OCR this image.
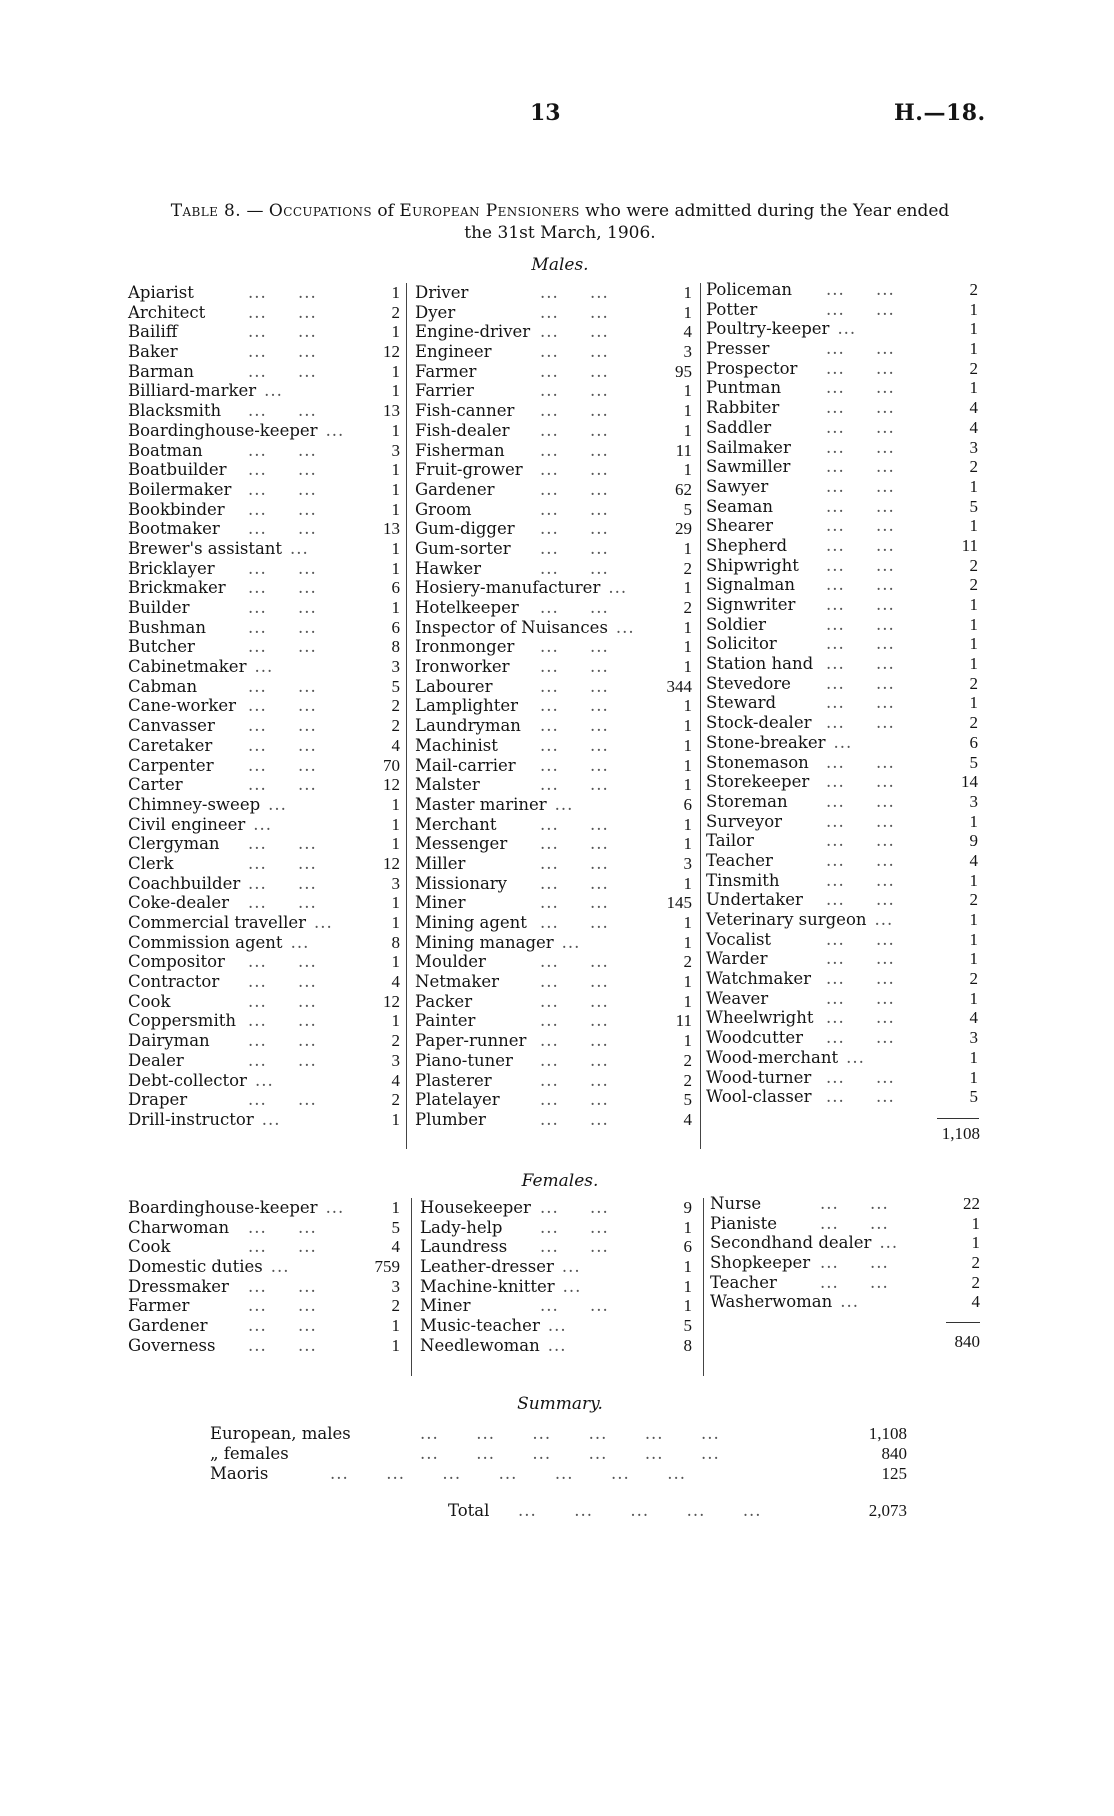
13	H.—18.
Table 8. — Occupations of European Pensioners who were admitted during the Year ended
the 31st March, 1906.
Males.
Apiarist	...     ...	1
Architect	...     ...	2
Bailiff	...     ...	1
Baker	...     ...	12
Barman	...     ...	1
Billiard-marker ...	1
Blacksmith ...     ...	13
Boardinghouse-keeper ...	1
Boatman	...     ...	3
Boatbuilder ...     ...	1
Boilermaker ...     ...	1
Bookbinder ...     ...	1
Bootmaker ...     ...	13
Brewer's assistant ...	1
Bricklayer ...     ...	1
Brickmaker ...     ...	6
Builder	...     ...	1
Bushman	...     ...	6
Butcher	...     ...	8
Cabinetmaker ...	3
Cabman	...     ...	5
Cane-worker ...     ...	2
Canvasser ...     ...	2
Caretaker ...     ...	4
Carpenter ...     ...	70
Carter	...     ...	12
Chimney-sweep ...	1
Civil engineer ...	1
Clergyman ...     ...	1
Clerk	...     ...	12
Coachbuilder ...     ...	3
Coke-dealer ...     ...	1
Commercial traveller ...	1
Commission agent ...	8
Compositor ...     ...	1
Contractor ...     ...	4
Cook	...     ...	12
Coppersmith ...     ...	1
Dairyman ...     ...	2
Dealer	...     ...	3
Debt-collector ...	4
Draper	...     ...	2
Drill-instructor ...	1
Driver	...     ...	1
Dyer	...     ...	1
Engine-driver ...     ...	4
Engineer	...     ...	3
Farmer	...     ...	95
Farrier	...     ...	1
Fish-canner ...     ...	1
Fish-dealer ...     ...	1
Fisherman ...     ...	11
Fruit-grower ...     ...	1
Gardener	...     ...	62
Groom	...     ...	5
Gum-digger ...     ...	29
Gum-sorter ...     ...	1
Hawker	...     ...	2
Hosiery-manufacturer ...	1
Hotelkeeper ...     ...	2
Inspector of Nuisances ...	1
Ironmonger ...     ...	1
Ironworker ...     ...	1
Labourer	...     ...	344
Lamplighter ...     ...	1
Laundryman ...     ...	1
Machinist	...     ...	1
Mail-carrier ...     ...	1
Malster	...     ...	1
Master mariner ...	6
Merchant	...     ...	1
Messenger ...     ...	1
Miller	...     ...	3
Missionary ...     ...	1
Miner	...     ...	145
Mining agent ...     ...	1
Mining manager ...	1
Moulder	...     ...	2
Netmaker ...     ...	1
Packer	...     ...	1
Painter	...     ...	11
Paper-runner ...     ...	1
Piano-tuner ...     ...	2
Plasterer	...     ...	2
Platelayer ...     ...	5
Plumber	...     ...	4
Policeman ...     ...	2
Potter	...     ...	1
Poultry-keeper ...	1
Presser	...     ...	1
Prospector ...     ...	2
Puntman	...     ...	1
Rabbiter	...     ...	4
Saddler	...     ...	4
Sailmaker ...     ...	3
Sawmiller ...     ...	2
Sawyer	...     ...	1
Seaman	...     ...	5
Shearer	...     ...	1
Shepherd ...     ...	11
Shipwright ...     ...	2
Signalman ...     ...	2
Signwriter ...     ...	1
Soldier	...     ...	1
Solicitor	...     ...	1
Station hand ...     ...	1
Stevedore ...     ...	2
Steward	...     ...	1
Stock-dealer ...     ...	2
Stone-breaker ...	6
Stonemason ...     ...	5
Storekeeper ...     ...	14
Storeman ...     ...	3
Surveyor	...     ...	1
Tailor	...     ...	9
Teacher	...     ...	4
Tinsmith	...     ...	1
Undertaker ...     ...	2
Veterinary surgeon ...	1
Vocalist	...     ...	1
Warder	...     ...	1
Watchmaker ...     ...	2
Weaver	...     ...	1
Wheelwright ...     ...	4
Woodcutter ...     ...	3
Wood-merchant ...	1
Wood-turner ...     ...	1
Wool-classer ...     ...	5
1,108
Females.
Boardinghouse-keeper ...	1
Charwoman ...     ...	5
Cook	...     ...	4
Domestic duties ...	759
Dressmaker ...     ...	3
Farmer	...     ...	2
Gardener ...     ...	1
Governess ...     ...	1
Housekeeper ...     ...	9
Lady-help ...     ...	1
Laundress ...     ...	6
Leather-dresser ...	1
Machine-knitter ...	1
Miner	...     ...	1
Music-teacher ...	5
Needlewoman ...	8
Nurse	...     ...	22
Pianiste	...     ...	1
Secondhand dealer ...	1
Shopkeeper ...     ...	2
Teacher	...     ...	2
Washerwoman ...	4
840
Summary.
European, males	...      ...      ...      ...      ...      ...	1,108
„ females	...      ...      ...      ...      ...      ...	840
Maoris	...      ...      ...      ...      ...      ...      ...	125
Total ...      ...      ...      ...      ...	2,073
